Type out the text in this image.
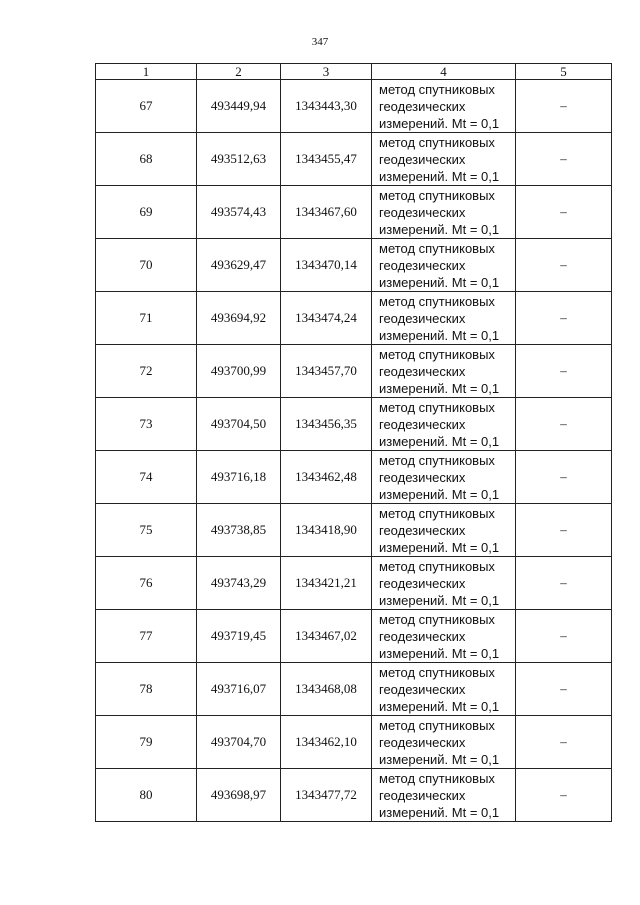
347
1	2	3	4	5
67	493449,94	1343443,30	метод спутниковых
геодезических
измерений. Mt = 0,1	–
68	493512,63	1343455,47	метод спутниковых
геодезических
измерений. Mt = 0,1	–
69	493574,43	1343467,60	метод спутниковых
геодезических
измерений. Mt = 0,1	–
70	493629,47	1343470,14	метод спутниковых
геодезических
измерений. Mt = 0,1	–
71	493694,92	1343474,24	метод спутниковых
геодезических
измерений. Mt = 0,1	–
72	493700,99	1343457,70	метод спутниковых
геодезических
измерений. Mt = 0,1	–
73	493704,50	1343456,35	метод спутниковых
геодезических
измерений. Mt = 0,1	–
74	493716,18	1343462,48	метод спутниковых
геодезических
измерений. Mt = 0,1	–
75	493738,85	1343418,90	метод спутниковых
геодезических
измерений. Mt = 0,1	–
76	493743,29	1343421,21	метод спутниковых
геодезических
измерений. Mt = 0,1	–
77	493719,45	1343467,02	метод спутниковых
геодезических
измерений. Mt = 0,1	–
78	493716,07	1343468,08	метод спутниковых
геодезических
измерений. Mt = 0,1	–
79	493704,70	1343462,10	метод спутниковых
геодезических
измерений. Mt = 0,1	–
80	493698,97	1343477,72	метод спутниковых
геодезических
измерений. Mt = 0,1	–
